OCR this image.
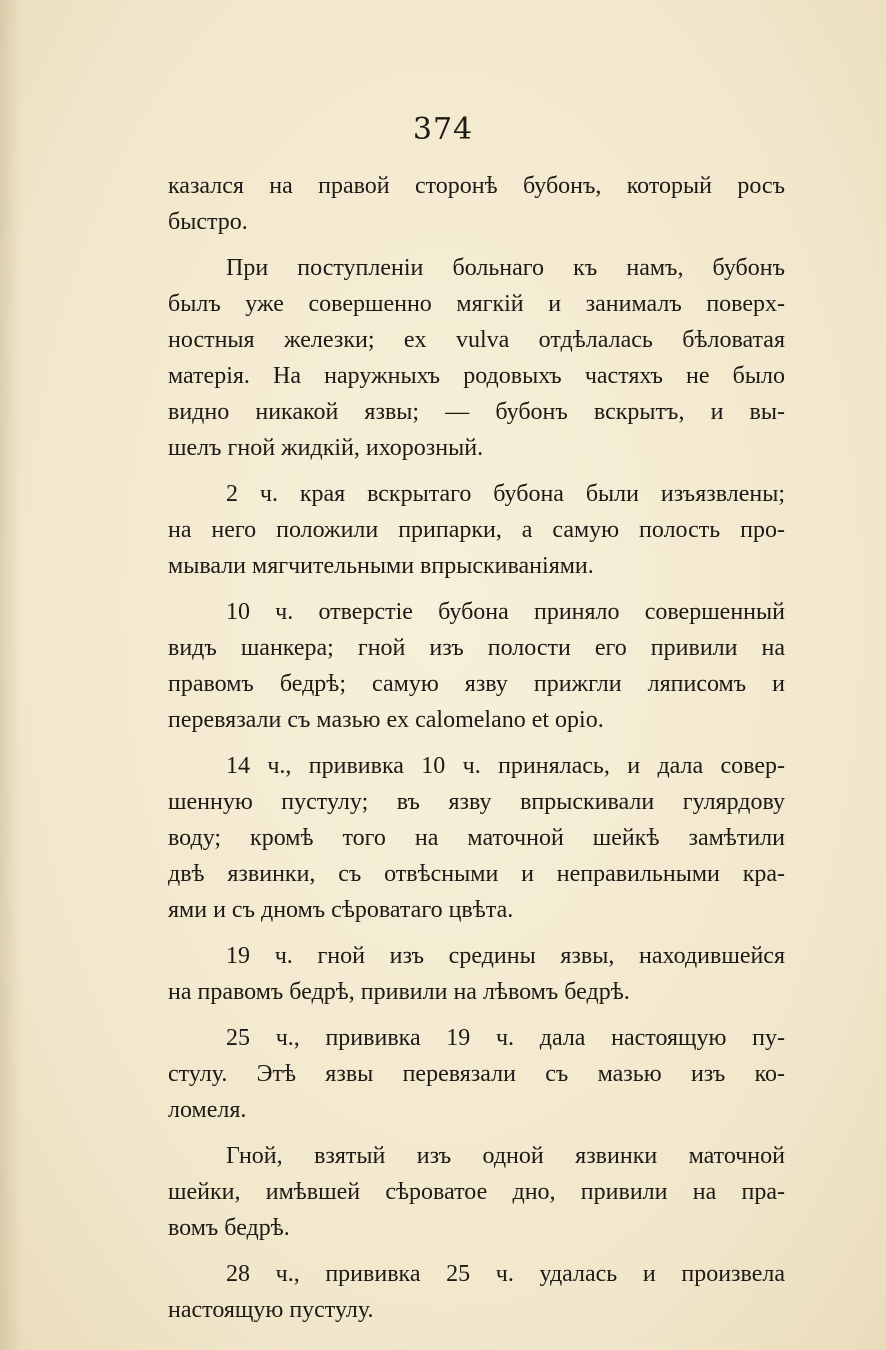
374
казался на правой сторонѣ бубонъ, который росъ
быстро.
При поступленіи больнаго къ намъ, бубонъ
былъ уже совершенно мягкій и занималъ поверх-
ностныя железки; ex vulva отдѣлалась бѣловатая
матерія. На наружныхъ родовыхъ частяхъ не было
видно никакой язвы; — бубонъ вскрытъ, и вы-
шелъ гной жидкій, ихорозный.
2 ч. края вскрытаго бубона были изъязвлены;
на него положили припарки, а самую полость про-
мывали мягчительными впрыскиваніями.
10 ч. отверстіе бубона приняло совершенный
видъ шанкера; гной изъ полости его привили на
правомъ бедрѣ; самую язву прижгли ляписомъ и
перевязали съ мазью ex calomelano et opio.
14 ч., прививка 10 ч. принялась, и дала совер-
шенную пустулу; въ язву впрыскивали гулярдову
воду; кромѣ того на маточной шейкѣ замѣтили
двѣ язвинки, съ отвѣсными и неправильными кра-
ями и съ дномъ сѣроватаго цвѣта.
19 ч. гной изъ средины язвы, находившейся
на правомъ бедрѣ, привили на лѣвомъ бедрѣ.
25 ч., прививка 19 ч. дала настоящую пу-
стулу. Этѣ язвы перевязали съ мазью изъ ко-
ломеля.
Гной, взятый изъ одной язвинки маточной
шейки, имѣвшей сѣроватое дно, привили на пра-
вомъ бедрѣ.
28 ч., прививка 25 ч. удалась и произвела
настоящую пустулу.
